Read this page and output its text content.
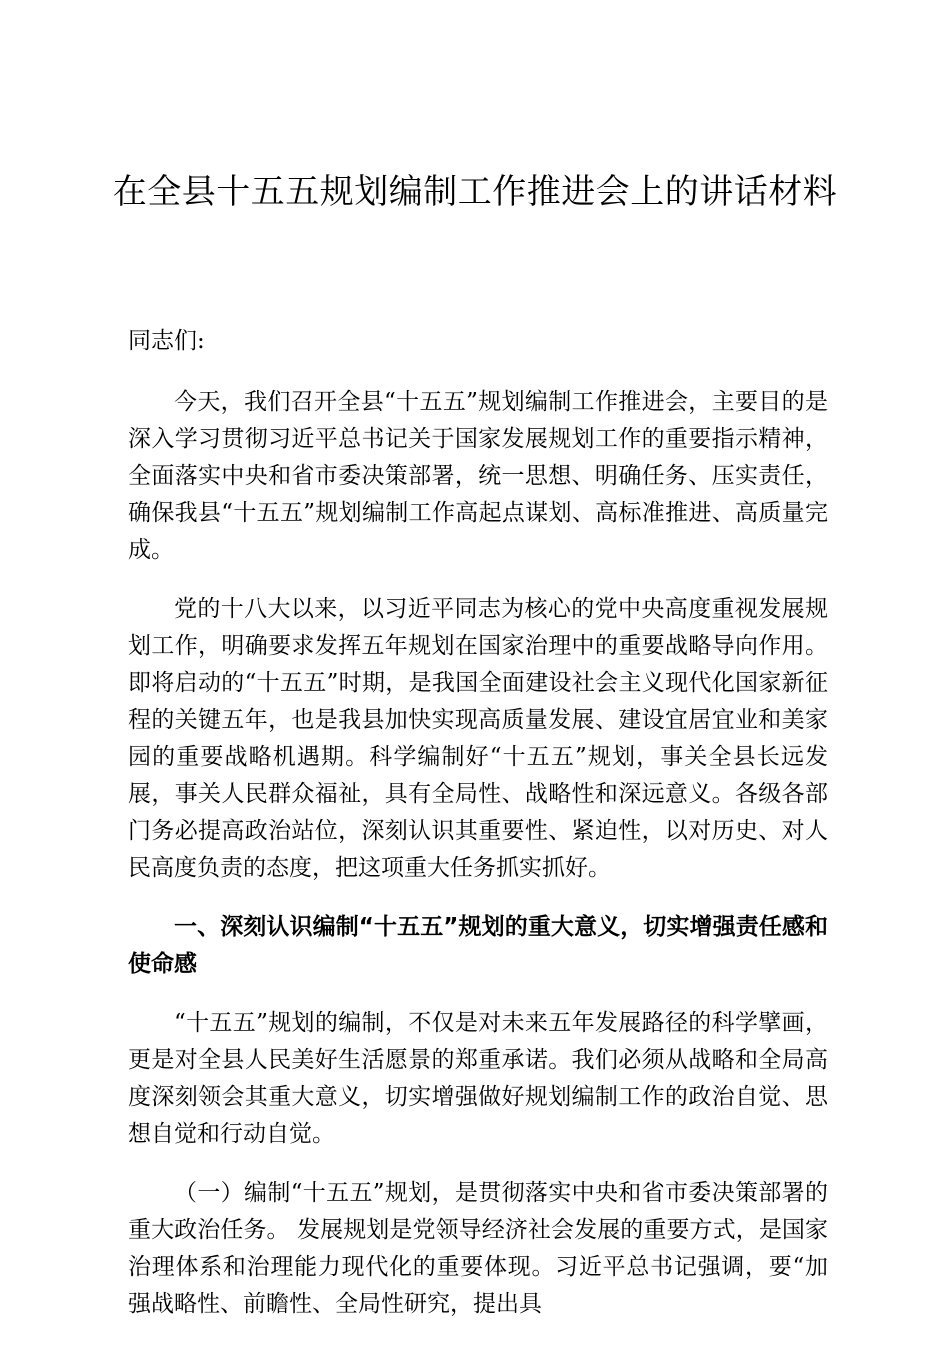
在全县十五五规划编制工作推进会上的讲话材料

同志们:

今天，我们召开全县“十五五”规划编制工作推进会，主要目的是深入学习贯彻习近平总书记关于国家发展规划工作的重要指示精神，全面落实中央和省市委决策部署，统一思想、明确任务、压实责任，确保我县“十五五”规划编制工作高起点谋划、高标准推进、高质量完成。

党的十八大以来，以习近平同志为核心的党中央高度重视发展规划工作，明确要求发挥五年规划在国家治理中的重要战略导向作用。即将启动的“十五五”时期，是我国全面建设社会主义现代化国家新征程的关键五年，也是我县加快实现高质量发展、建设宜居宜业和美家园的重要战略机遇期。科学编制好“十五五”规划，事关全县长远发展，事关人民群众福祉，具有全局性、战略性和深远意义。各级各部门务必提高政治站位，深刻认识其重要性、紧迫性，以对历史、对人民高度负责的态度，把这项重大任务抓实抓好。

一、深刻认识编制“十五五”规划的重大意义，切实增强责任感和使命感

“十五五”规划的编制，不仅是对未来五年发展路径的科学擘画，更是对全县人民美好生活愿景的郑重承诺。我们必须从战略和全局高度深刻领会其重大意义，切实增强做好规划编制工作的政治自觉、思想自觉和行动自觉。

（一）编制“十五五”规划，是贯彻落实中央和省市委决策部署的重大政治任务。 发展规划是党领导经济社会发展的重要方式，是国家治理体系和治理能力现代化的重要体现。习近平总书记强调，要“加强战略性、前瞻性、全局性研究，提出具
